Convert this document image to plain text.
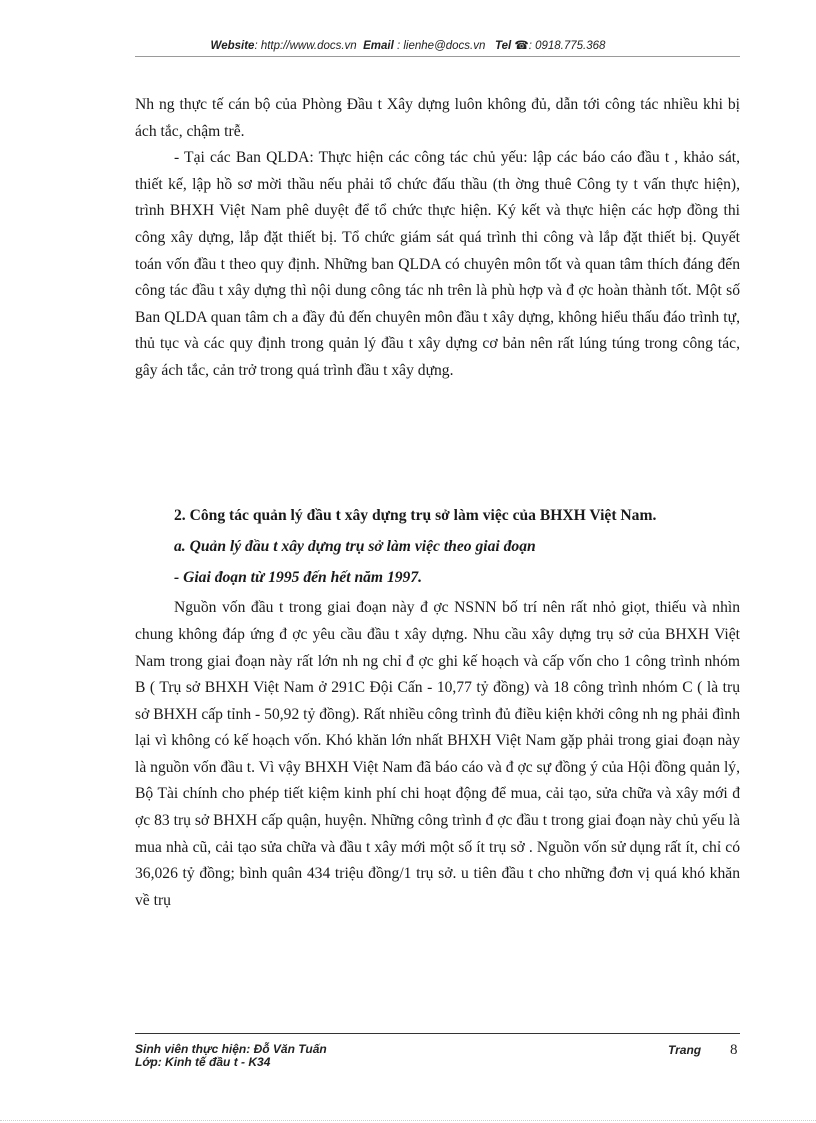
Website: http://www.docs.vn Email : lienhe@docs.vn Tel ☎: 0918.775.368

Nh ng thực tế cán bộ của Phòng Đầu t Xây dựng luôn không đủ, dẫn tới công tác nhiều khi bị ách tắc, chậm trễ.

- Tại các Ban QLDA: Thực hiện các công tác chủ yếu: lập các báo cáo đầu t , khảo sát, thiết kế, lập hồ sơ mời thầu nếu phải tổ chức đấu thầu (th ờng thuê Công ty t vấn thực hiện), trình BHXH Việt Nam phê duyệt để tổ chức thực hiện. Ký kết và thực hiện các hợp đồng thi công xây dựng, lắp đặt thiết bị. Tổ chức giám sát quá trình thi công và lắp đặt thiết bị. Quyết toán vốn đầu t theo quy định. Những ban QLDA có chuyên môn tốt và quan tâm thích đáng đến công tác đầu t xây dựng thì nội dung công tác nh trên là phù hợp và đ ợc hoàn thành tốt. Một số Ban QLDA quan tâm ch a đầy đủ đến chuyên môn đầu t xây dựng, không hiểu thấu đáo trình tự, thủ tục và các quy định trong quản lý đầu t xây dựng cơ bản nên rất lúng túng trong công tác, gây ách tắc, cản trở trong quá trình đầu t xây dựng.

2. Công tác quản lý đầu t xây dựng trụ sở làm việc của BHXH Việt Nam.

a. Quản lý đầu t xây dựng trụ sở làm việc theo giai đoạn

- Giai đoạn từ 1995 đến hết năm 1997.

Nguồn vốn đầu t trong giai đoạn này đ ợc NSNN bố trí nên rất nhỏ giọt, thiếu và nhìn chung không đáp ứng đ ợc yêu cầu đầu t xây dựng. Nhu cầu xây dựng trụ sở của BHXH Việt Nam trong giai đoạn này rất lớn nh ng chỉ đ ợc ghi kế hoạch và cấp vốn cho 1 công trình nhóm B ( Trụ sở BHXH Việt Nam ở 291C Đội Cấn - 10,77 tỷ đồng) và 18 công trình nhóm C ( là trụ sở BHXH cấp tỉnh - 50,92 tỷ đồng). Rất nhiều công trình đủ điều kiện khởi công nh ng phải đình lại vì không có kế hoạch vốn. Khó khăn lớn nhất BHXH Việt Nam gặp phải trong giai đoạn này là nguồn vốn đầu t. Vì vậy BHXH Việt Nam đã báo cáo và đ ợc sự đồng ý của Hội đồng quản lý, Bộ Tài chính cho phép tiết kiệm kinh phí chi hoạt động để mua, cải tạo, sửa chữa và xây mới đ ợc 83 trụ sở BHXH cấp quận, huyện. Những công trình đ ợc đầu t trong giai đoạn này chủ yếu là mua nhà cũ, cải tạo sửa chữa và đầu t xây mới một số ít trụ sở . Nguồn vốn sử dụng rất ít, chỉ có 36,026 tỷ đồng; bình quân 434 triệu đồng/1 trụ sở. u tiên đầu t cho những đơn vị quá khó khăn về trụ

Sinh viên thực hiện: Đỗ Văn Tuấn
Lớp: Kinh tế đầu t - K34
Trang 8
